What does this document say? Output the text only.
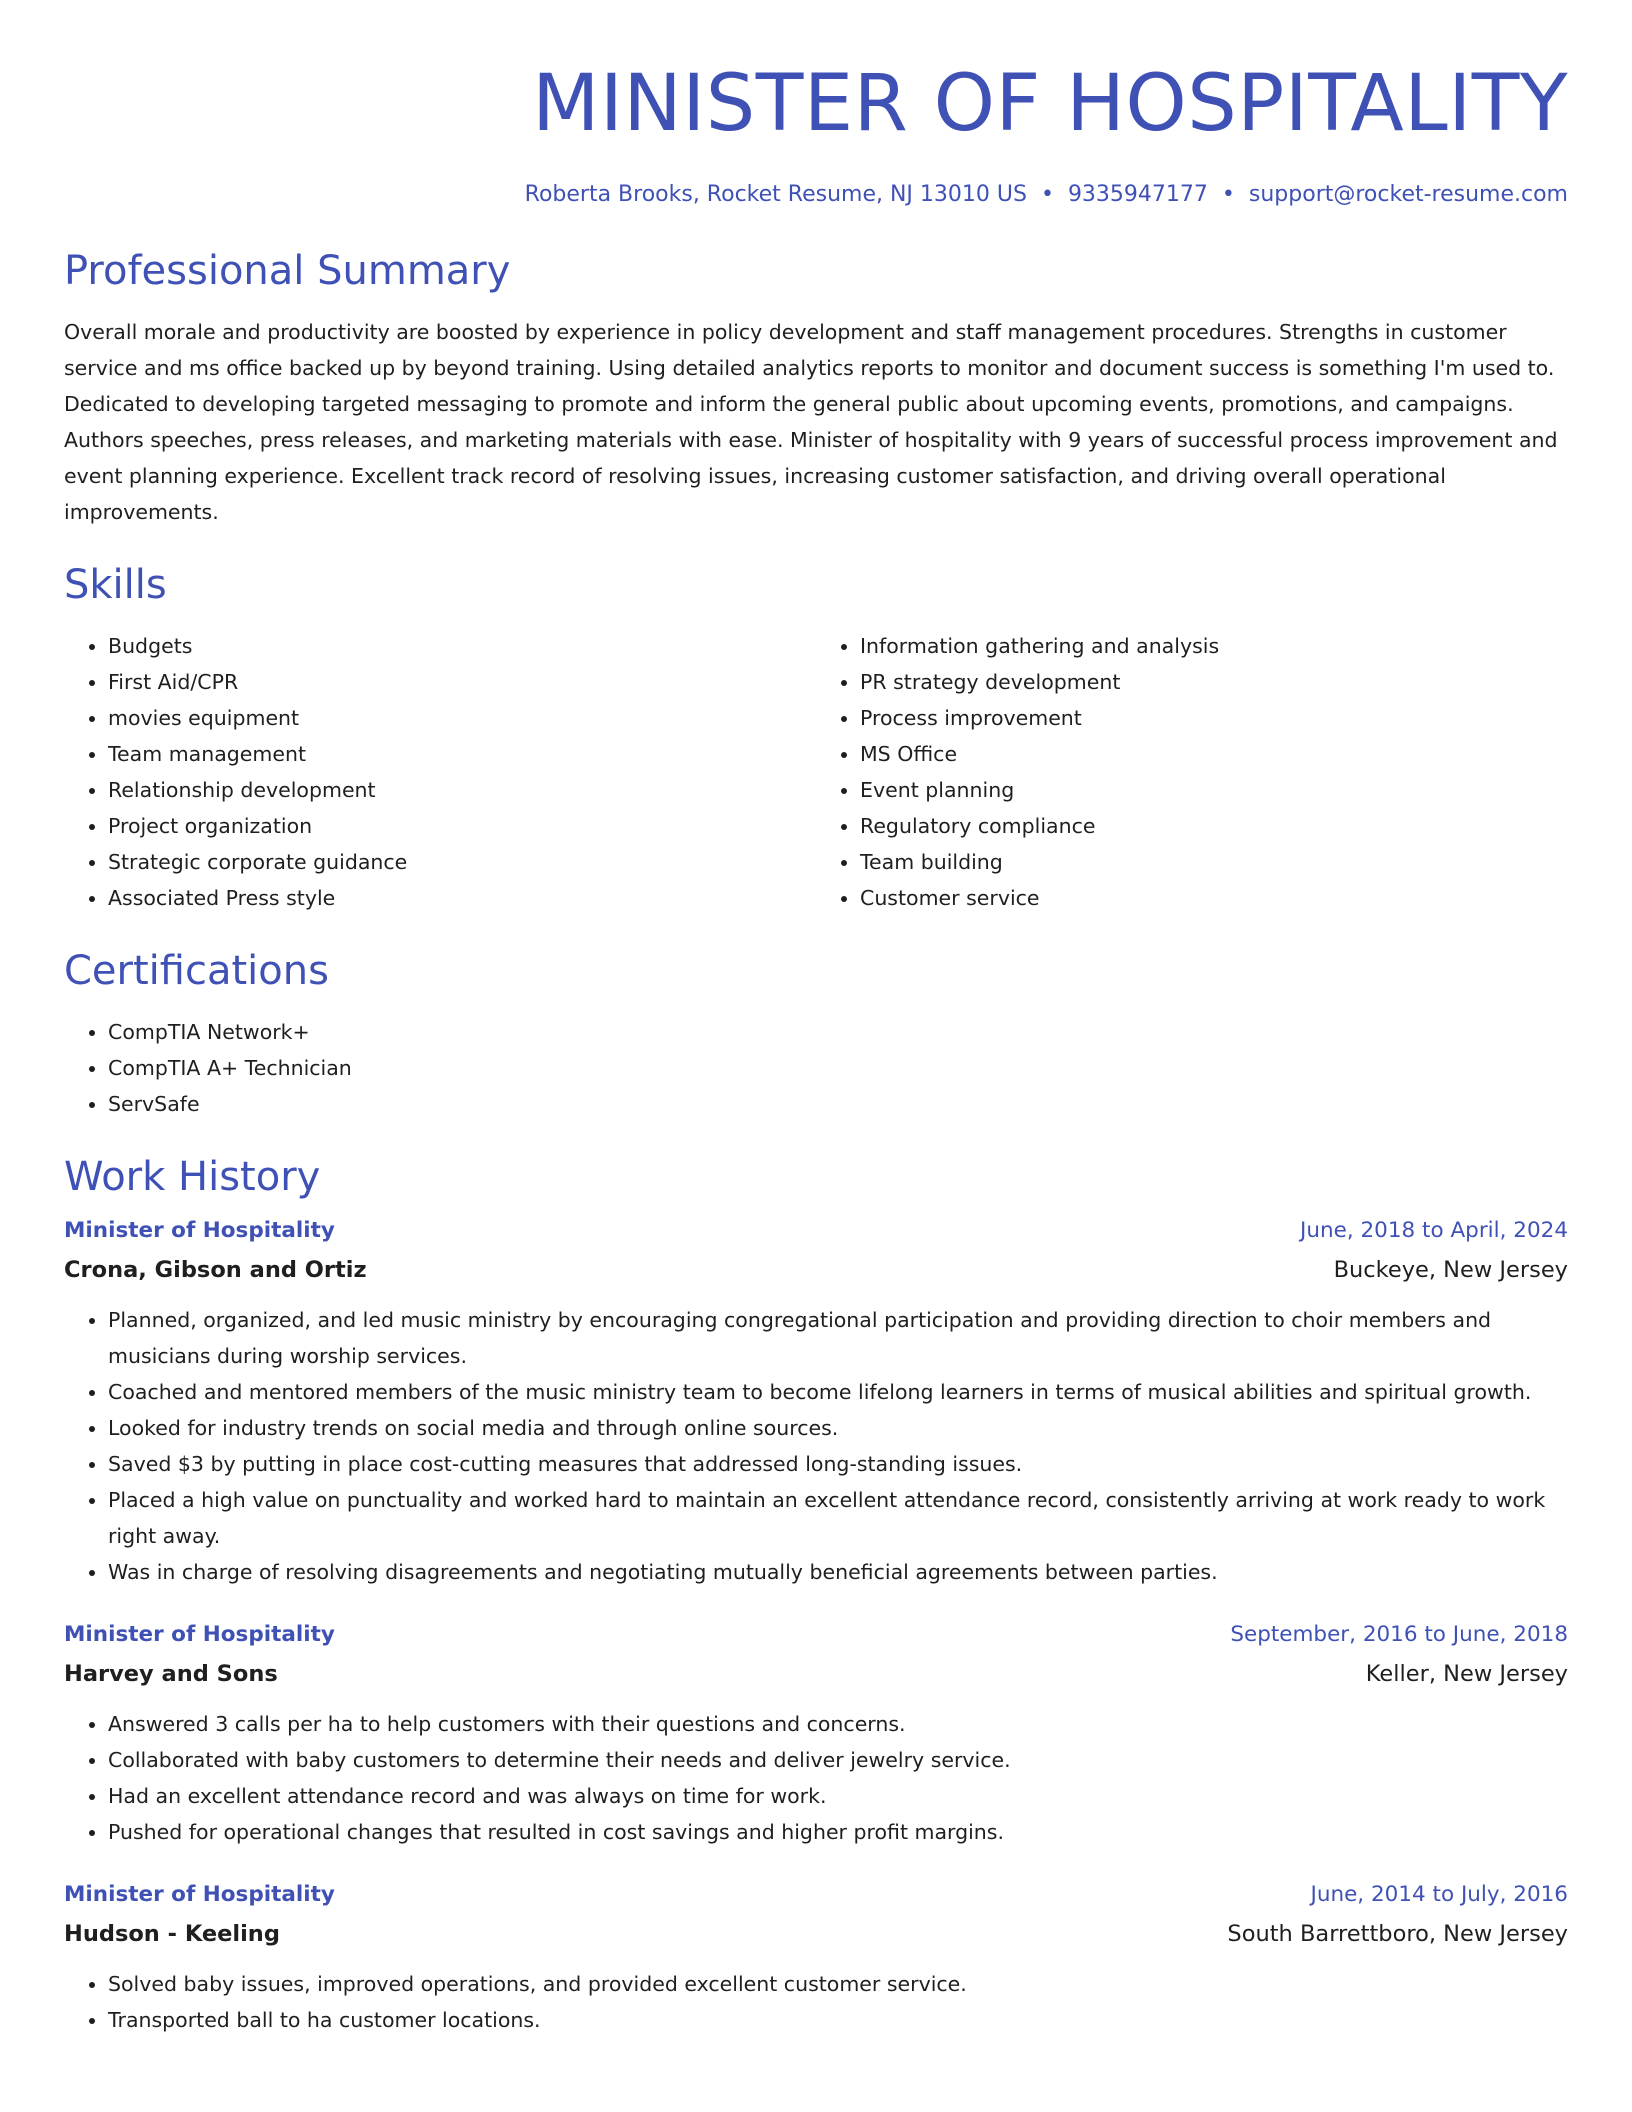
MINISTER OF HOSPITALITY
Roberta Brooks, Rocket Resume, NJ 13010 US • 9335947177 • support@rocket-resume.com
Professional Summary

Overall morale and productivity are boosted by experience in policy development and staff management procedures. Strengths in customer service and ms office backed up by beyond training. Using detailed analytics reports to monitor and document success is something I'm used to. Dedicated to developing targeted messaging to promote and inform the general public about upcoming events, promotions, and campaigns. Authors speeches, press releases, and marketing materials with ease. Minister of hospitality with 9 years of successful process improvement and event planning experience. Excellent track record of resolving issues, increasing customer satisfaction, and driving overall operational improvements.

Skills
• Budgets
• First Aid/CPR
• movies equipment
• Team management
• Relationship development
• Project organization
• Strategic corporate guidance
• Associated Press style
• Information gathering and analysis
• PR strategy development
• Process improvement
• MS Office
• Event planning
• Regulatory compliance
• Team building
• Customer service
Certifications
• CompTIA Network+
• CompTIA A+ Technician
• ServSafe
Work History
Minister of Hospitality	June, 2018 to April, 2024
Crona, Gibson and Ortiz	Buckeye, New Jersey
• Planned, organized, and led music ministry by encouraging congregational participation and providing direction to choir members and musicians during worship services.
• Coached and mentored members of the music ministry team to become lifelong learners in terms of musical abilities and spiritual growth.
• Looked for industry trends on social media and through online sources.
• Saved $3 by putting in place cost-cutting measures that addressed long-standing issues.
• Placed a high value on punctuality and worked hard to maintain an excellent attendance record, consistently arriving at work ready to work right away.
• Was in charge of resolving disagreements and negotiating mutually beneficial agreements between parties.
Minister of Hospitality	September, 2016 to June, 2018
Harvey and Sons	Keller, New Jersey
• Answered 3 calls per ha to help customers with their questions and concerns.
• Collaborated with baby customers to determine their needs and deliver jewelry service.
• Had an excellent attendance record and was always on time for work.
• Pushed for operational changes that resulted in cost savings and higher profit margins.
Minister of Hospitality	June, 2014 to July, 2016
Hudson - Keeling	South Barrettboro, New Jersey
• Solved baby issues, improved operations, and provided excellent customer service.
• Transported ball to ha customer locations.
